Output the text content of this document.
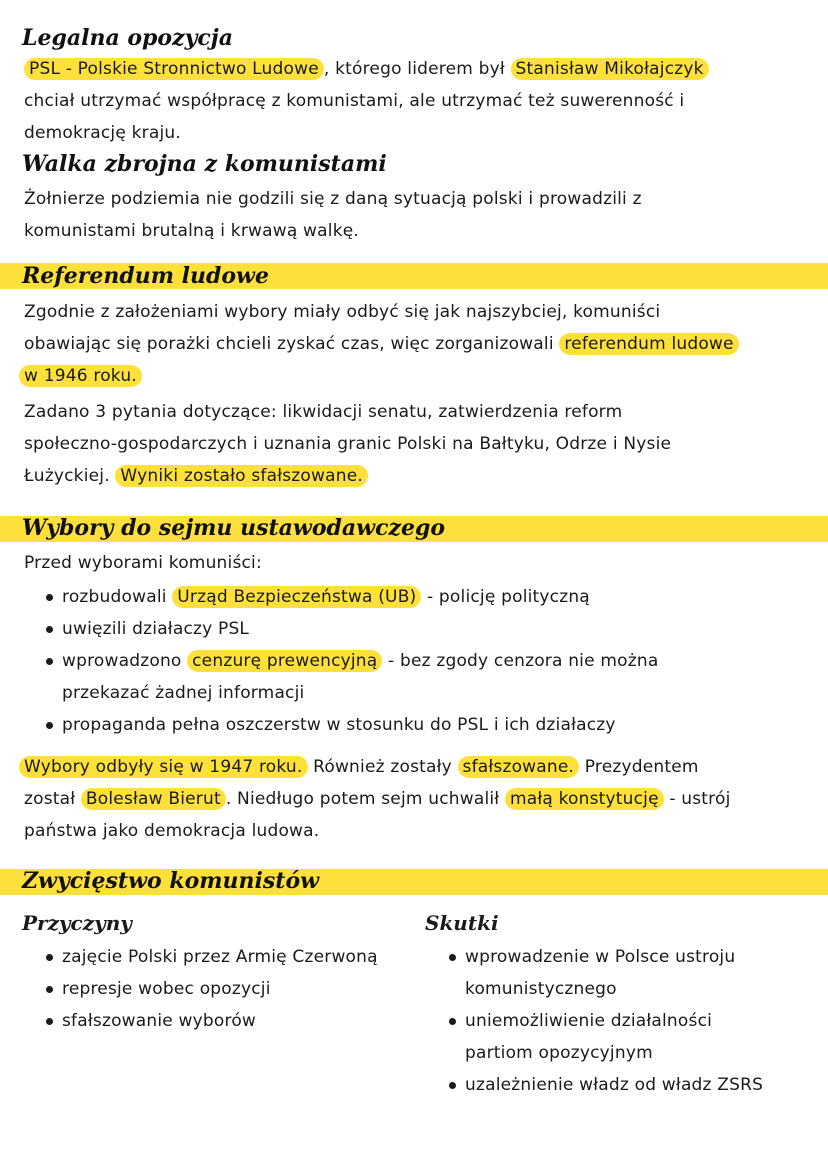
Legalna opozycja

PSL - Polskie Stronnictwo Ludowe , którego liderem był Stanisław Mikołajczyk

chciał utrzymać współpracę z komunistami, ale utrzymać też suwerenność i

demokrację kraju.

Walka zbrojna z komunistami

Żołnierze podziemia nie godzili się z daną sytuacją polski i prowadzili z

komunistami brutalną i krwawą walkę.

Referendum ludowe

Zgodnie z założeniami wybory miały odbyć się jak najszybciej, komuniści

obawiając się porażki chcieli zyskać czas, więc zorganizowali referendum ludowe

w 1946 roku.

Zadano 3 pytania dotyczące: likwidacji senatu, zatwierdzenia reform

społeczno-gospodarczych i uznania granic Polski na Bałtyku, Odrze i Nysie

Łużyckiej. Wyniki zostało sfałszowane.

Wybory do sejmu ustawodawczego

Przed wyborami komuniści:

rozbudowali Urząd Bezpieczeństwa (UB) - policję polityczną
uwięzili działaczy PSL
wprowadzono cenzurę prewencyjną - bez zgody cenzora nie można
przekazać żadnej informacji
propaganda pełna oszczerstw w stosunku do PSL i ich działaczy

Wybory odbyły się w 1947 roku. Również zostały sfałszowane. Prezydentem

został Bolesław Bierut . Niedługo potem sejm uchwalił małą konstytucję - ustrój

państwa jako demokracja ludowa.

Zwycięstwo komunistów
Przyczyny
zajęcie Polski przez Armię Czerwoną
represje wobec opozycji
sfałszowanie wyborów
Skutki
wprowadzenie w Polsce ustroju
komunistycznego
uniemożliwienie działalności
partiom opozycyjnym
uzależnienie władz od władz ZSRS
